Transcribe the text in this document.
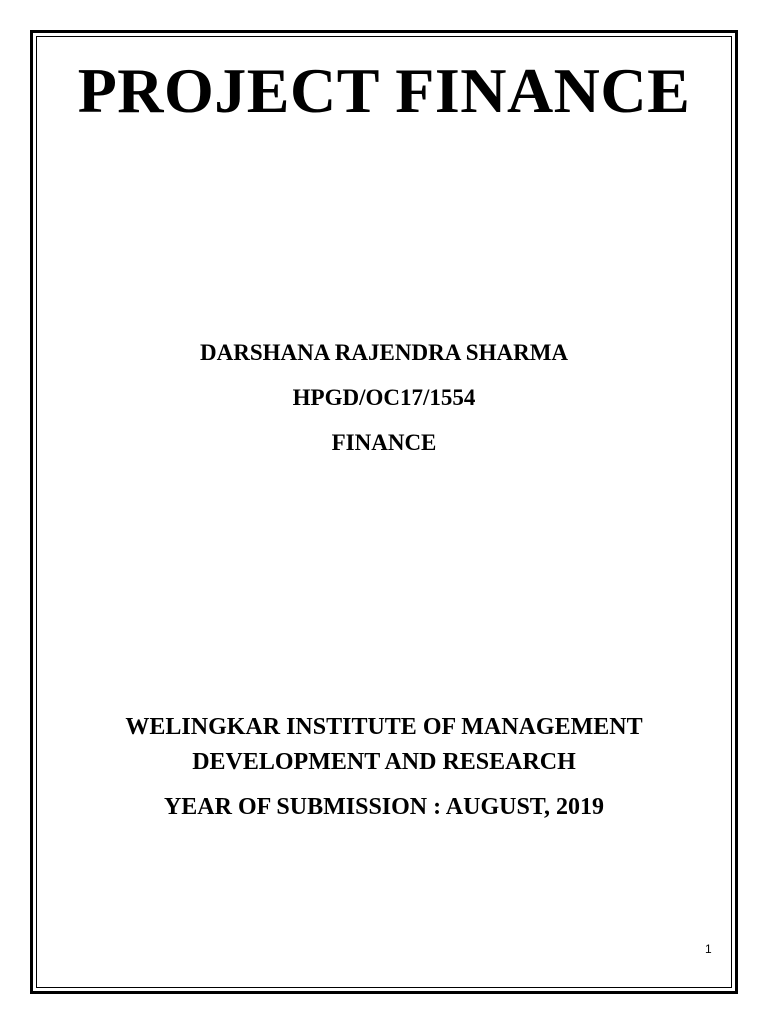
PROJECT FINANCE
DARSHANA RAJENDRA SHARMA
HPGD/OC17/1554
FINANCE
WELINGKAR INSTITUTE OF MANAGEMENT
DEVELOPMENT AND RESEARCH
YEAR OF SUBMISSION : AUGUST, 2019
1
